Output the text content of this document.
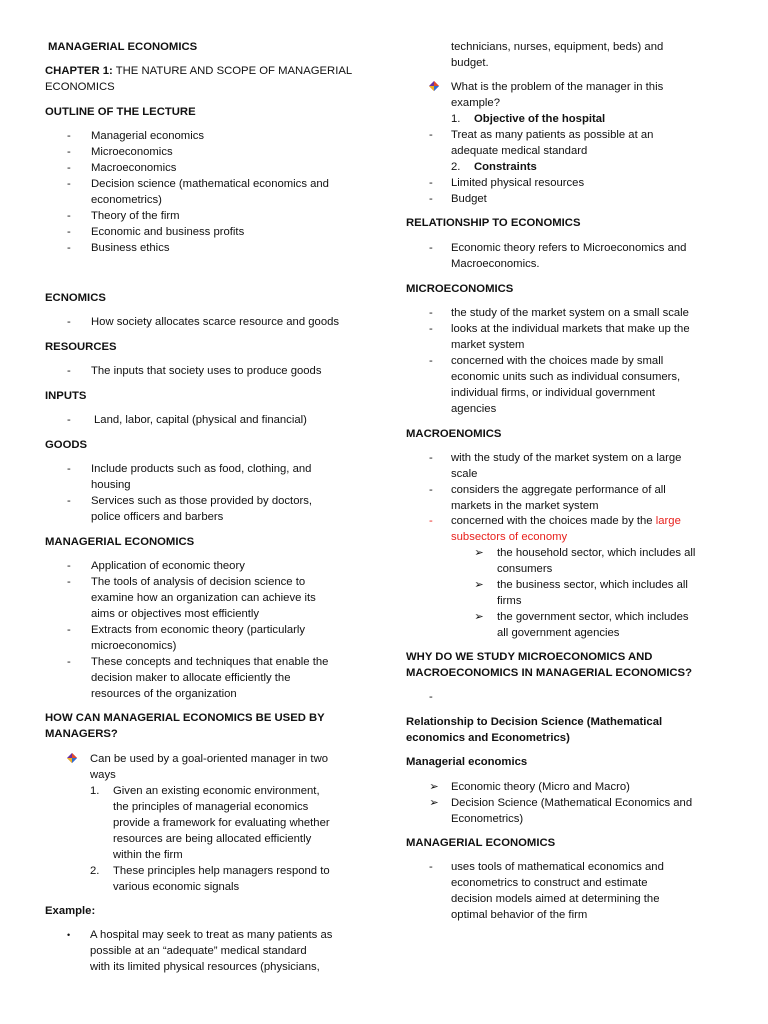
MANAGERIAL ECONOMICS
CHAPTER 1: THE NATURE AND SCOPE OF MANAGERIAL
ECONOMICS
OUTLINE OF THE LECTURE
-	Managerial economics
-	Microeconomics
-	Macroeconomics
-	Decision science (mathematical economics and
econometrics)
-	Theory of the firm
-	Economic and business profits
-	Business ethics
ECNOMICS
-	How society allocates scarce resource and goods
RESOURCES
-	The inputs that society uses to produce goods
INPUTS
-	Land, labor, capital (physical and financial)
GOODS
-	Include products such as food, clothing, and
housing
-	Services such as those provided by doctors,
police officers and barbers
MANAGERIAL ECONOMICS
-	Application of economic theory
-	The tools of analysis of decision science to
examine how an organization can achieve its
aims or objectives most efficiently
-	Extracts from economic theory (particularly
microeconomics)
-	These concepts and techniques that enable the
decision maker to allocate efficiently the
resources of the organization
HOW CAN MANAGERIAL ECONOMICS BE USED BY
MANAGERS?
Can be used by a goal-oriented manager in two
ways
1. Given an existing economic environment,
the principles of managerial economics
provide a framework for evaluating whether
resources are being allocated efficiently
within the firm
2. These principles help managers respond to
various economic signals
Example:
• A hospital may seek to treat as many patients as
possible at an “adequate” medical standard
with its limited physical resources (physicians,
technicians, nurses, equipment, beds) and
budget.
What is the problem of the manager in this
example?
1. Objective of the hospital
-	Treat as many patients as possible at an
adequate medical standard
2. Constraints
-	Limited physical resources
-	Budget
RELATIONSHIP TO ECONOMICS
-	Economic theory refers to Microeconomics and
Macroeconomics.
MICROECONOMICS
-	the study of the market system on a small scale
-	looks at the individual markets that make up the
market system
-	concerned with the choices made by small
economic units such as individual consumers,
individual firms, or individual government
agencies
MACROENOMICS
-	with the study of the market system on a large
scale
-	considers the aggregate performance of all
markets in the market system
-	concerned with the choices made by the large
subsectors of economy
➢ the household sector, which includes all
consumers
➢ the business sector, which includes all
firms
➢ the government sector, which includes
all government agencies
WHY DO WE STUDY MICROECONOMICS AND
MACROECONOMICS IN MANAGERIAL ECONOMICS?
-
Relationship to Decision Science (Mathematical
economics and Econometrics)
Managerial economics
➢ Economic theory (Micro and Macro)
➢ Decision Science (Mathematical Economics and
Econometrics)
MANAGERIAL ECONOMICS
-	uses tools of mathematical economics and
econometrics to construct and estimate
decision models aimed at determining the
optimal behavior of the firm
